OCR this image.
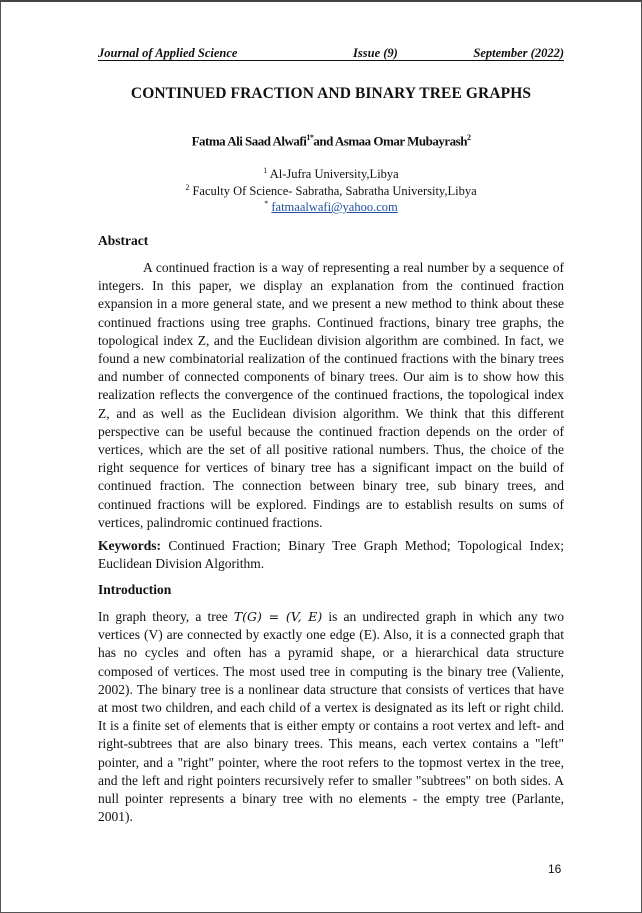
Journal of Applied Science	Issue (9)	September (2022)
CONTINUED FRACTION AND BINARY TREE GRAPHS
Fatma Ali Saad Alwafi$^{1*}$and Asmaa Omar Mubayrash$^2$
$^1$ Al-Jufra University,Libya
$^2$ Faculty Of Science- Sabratha, Sabratha University,Libya
* fatmaalwafi@yahoo.com
Abstract

A continued fraction is a way of representing a real number by a sequence of integers. In this paper, we display an explanation from the continued fraction expansion in a more general state, and we present a new method to think about these continued fractions using tree graphs. Continued fractions, binary tree graphs, the topological index Z, and the Euclidean division algorithm are combined. In fact, we found a new combinatorial realization of the continued fractions with the binary trees and number of connected components of binary trees. Our aim is to show how this realization reflects the convergence of the continued fractions, the topological index Z, and as well as the Euclidean division algorithm. We think that this different perspective can be useful because the continued fraction depends on the order of vertices, which are the set of all positive rational numbers. Thus, the choice of the right sequence for vertices of binary tree has a significant impact on the build of continued fraction. The connection between binary tree, sub binary trees, and continued fractions will be explored. Findings are to establish results on sums of vertices, palindromic continued fractions.

Keywords: Continued Fraction; Binary Tree Graph Method; Topological Index; Euclidean Division Algorithm.

Introduction

In graph theory, a tree T(G) = (V, E) is an undirected graph in which any two vertices (V) are connected by exactly one edge (E). Also, it is a connected graph that has no cycles and often has a pyramid shape, or a hierarchical data structure composed of vertices. The most used tree in computing is the binary tree (Valiente, 2002). The binary tree is a nonlinear data structure that consists of vertices that have at most two children, and each child of a vertex is designated as its left or right child. It is a finite set of elements that is either empty or contains a root vertex and left- and right-subtrees that are also binary trees. This means, each vertex contains a "left" pointer, and a "right" pointer, where the root refers to the topmost vertex in the tree, and the left and right pointers recursively refer to smaller "subtrees" on both sides. A null pointer represents a binary tree with no elements - the empty tree (Parlante, 2001).

16
